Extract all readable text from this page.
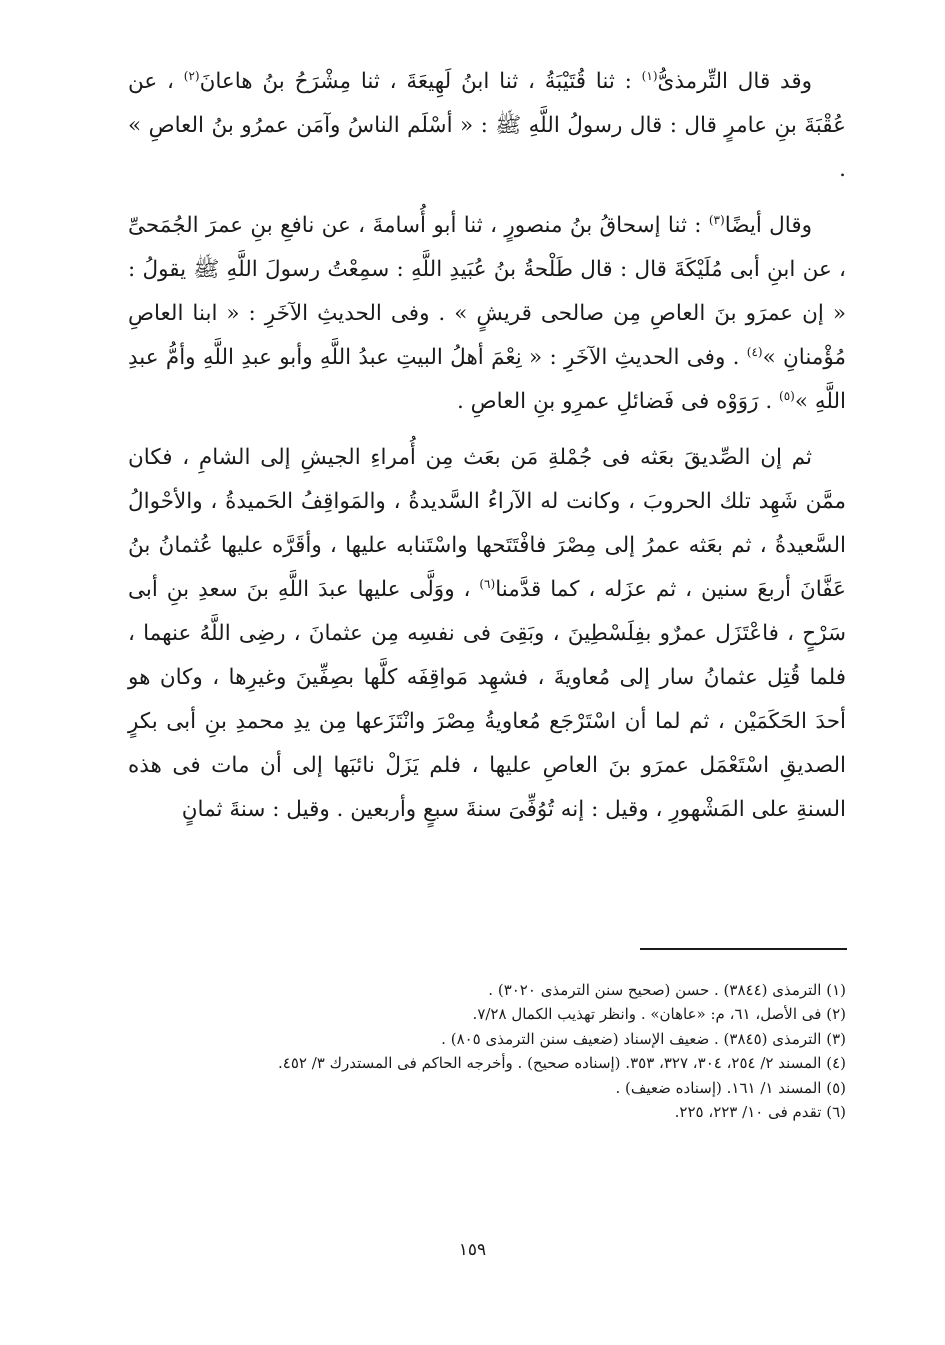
وقد قال التِّرمذىُّ$^{(١)}$ : ثنا قُتَيْبَةُ ، ثنا ابنُ لَهِيعَةَ ، ثنا مِشْرَحُ بنُ هاعانَ$^{(٢)}$ ، عن عُقْبَةَ بنِ عامرٍ قال : قال رسولُ اللَّهِ ﷺ : « أسْلَم الناسُ وآمَن عمرُو بنُ العاصِ » .

وقال أيضًا$^{(٣)}$ : ثنا إسحاقُ بنُ منصورٍ ، ثنا أبو أُسامةَ ، عن نافعِ بنِ عمرَ الجُمَحىِّ ، عن ابنِ أبى مُلَيْكَةَ قال : قال طَلْحةُ بنُ عُبَيدِ اللَّهِ : سمِعْتُ رسولَ اللَّهِ ﷺ يقولُ : « إن عمرَو بنَ العاصِ مِن صالحى قريشٍ » . وفى الحديثِ الآخَرِ : « ابنا العاصِ مُؤْمنانِ »$^{(٤)}$ . وفى الحديثِ الآخَرِ : « نِعْمَ أهلُ البيتِ عبدُ اللَّهِ وأبو عبدِ اللَّهِ وأمُّ عبدِ اللَّهِ »$^{(٥)}$ . رَوَوْه فى فَضائلِ عمرِو بنِ العاصِ .

ثم إن الصِّديقَ بعَثه فى جُمْلةِ مَن بعَث مِن أُمراءِ الجيشِ إلى الشامِ ، فكان ممَّن شَهِد تلك الحروبَ ، وكانت له الآراءُ السَّديدةُ ، والمَواقِفُ الحَميدةُ ، والأحْوالُ السَّعيدةُ ، ثم بعَثه عمرُ إلى مِصْرَ فافْتَتَحها واسْتَنابه عليها ، وأقَرَّه عليها عُثمانُ بنُ عَفَّانَ أربعَ سنين ، ثم عزَله ، كما قدَّمنا$^{(٦)}$ ، ووَلَّى عليها عبدَ اللَّهِ بنَ سعدِ بنِ أبى سَرْحٍ ، فاعْتَزَل عمرٌو بفِلَسْطِينَ ، وبَقِىَ فى نفسِه مِن عثمانَ ، رضِى اللَّهُ عنهما ، فلما قُتِل عثمانُ سار إلى مُعاويةَ ، فشهِد مَواقِفَه كلَّها بصِفِّينَ وغيرِها ، وكان هو أحدَ الحَكَمَيْن ، ثم لما أن اسْتَرْجَع مُعاويةُ مِصْرَ وانْتَزَعها مِن يدِ محمدِ بنِ أبى بكرٍ الصديقِ اسْتَعْمَل عمرَو بنَ العاصِ عليها ، فلم يَزَلْ نائبَها إلى أن مات فى هذه السنةِ على المَشْهورِ ، وقيل : إنه تُوُفِّىَ سنةَ سبعٍ وأربعين . وقيل : سنةَ ثمانٍ

(١) الترمذى (٣٨٤٤) . حسن (صحيح سنن الترمذى ٣٠٢٠) .

(٢) فى الأصل، ٦١، م: «عاهان» . وانظر تهذيب الكمال ٧/٢٨.

(٣) الترمذى (٣٨٤٥) . ضعيف الإسناد (ضعيف سنن الترمذى ٨٠٥) .

(٤) المسند ٢/ ٢٥٤، ٣٠٤، ٣٢٧، ٣٥٣. (إسناده صحيح) . وأخرجه الحاكم فى المستدرك ٣/ ٤٥٢.

(٥) المسند ١/ ١٦١. (إسناده ضعيف) .

(٦) تقدم فى ١٠/ ٢٢٣، ٢٢٥.

١٥٩
